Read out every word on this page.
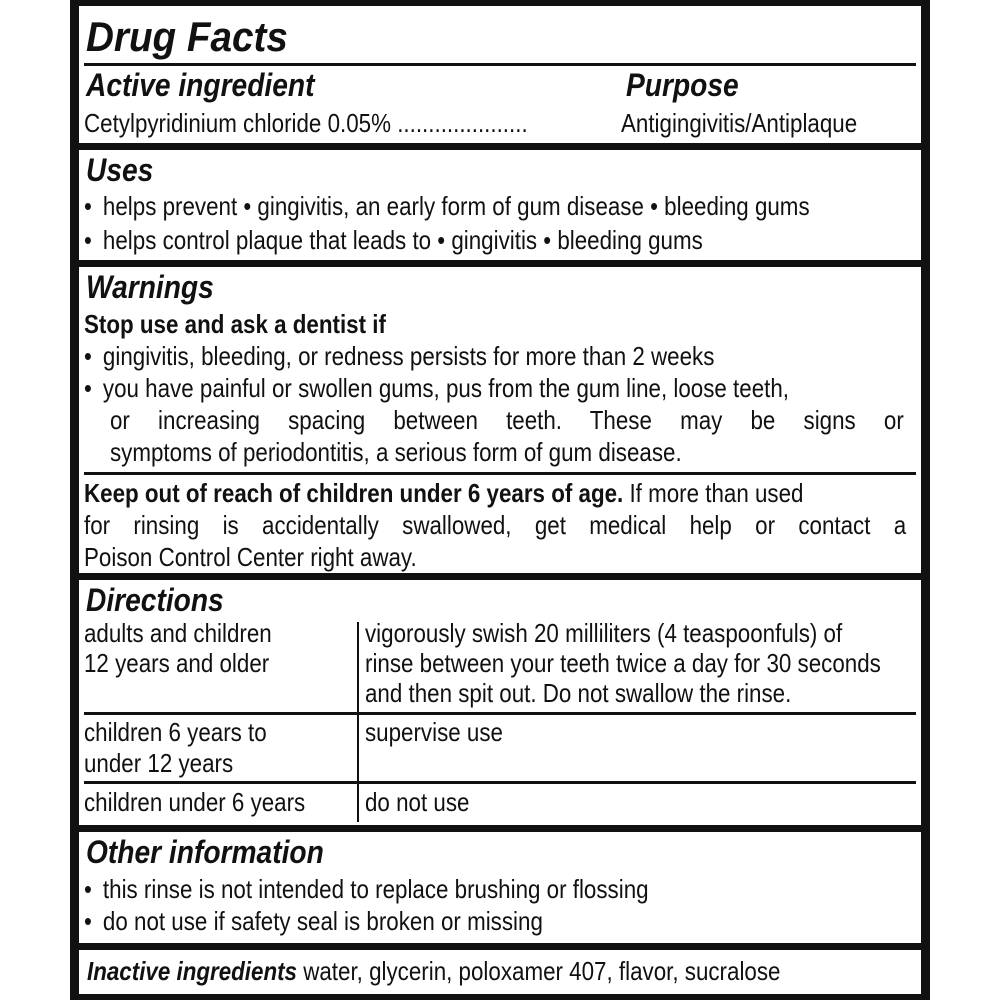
Drug Facts
Active ingredient	Purpose
Cetylpyridinium chloride 0.05% .....................	Antigingivitis/Antiplaque
Uses
• helps prevent • gingivitis, an early form of gum disease • bleeding gums
• helps control plaque that leads to • gingivitis • bleeding gums
Warnings
Stop use and ask a dentist if
• gingivitis, bleeding, or redness persists for more than 2 weeks
• you have painful or swollen gums, pus from the gum line, loose teeth,
or increasing spacing between teeth. These may be signs or
symptoms of periodontitis, a serious form of gum disease.
Keep out of reach of children under 6 years of age. If more than used
for rinsing is accidentally swallowed, get medical help or contact a
Poison Control Center right away.
Directions
adults and children
12 years and older
vigorously swish 20 milliliters (4 teaspoonfuls) of
rinse between your teeth twice a day for 30 seconds
and then spit out. Do not swallow the rinse.
children 6 years to
under 12 years
supervise use
children under 6 years do not use
Other information
• this rinse is not intended to replace brushing or flossing
• do not use if safety seal is broken or missing
Inactive ingredients water, glycerin, poloxamer 407, flavor, sucralose
